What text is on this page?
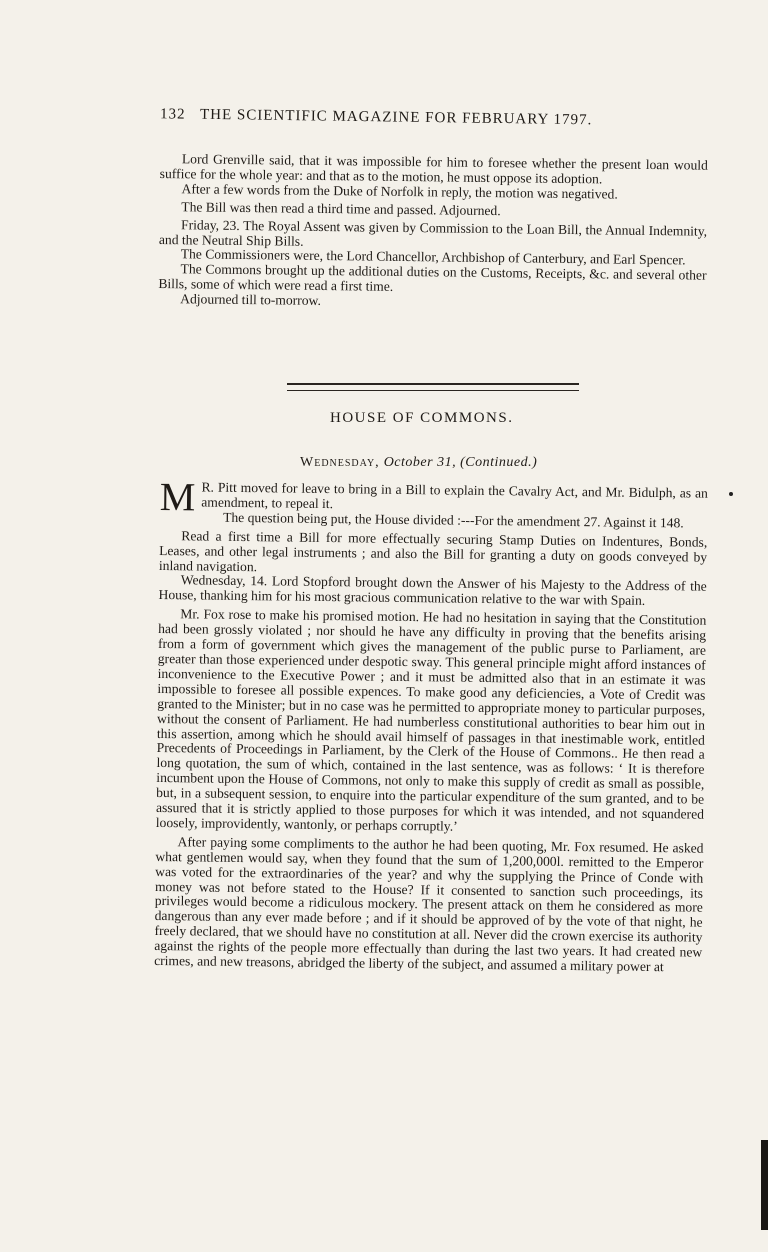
132 THE SCIENTIFIC MAGAZINE FOR FEBRUARY 1797.

Lord Grenville said, that it was impossible for him to foresee whether the present loan would suffice for the whole year: and that as to the motion, he must oppose its adoption.

After a few words from the Duke of Norfolk in reply, the motion was negatived.

The Bill was then read a third time and passed. Adjourned.

Friday, 23. The Royal Assent was given by Commission to the Loan Bill, the Annual Indemnity, and the Neutral Ship Bills.

The Commissioners were, the Lord Chancellor, Archbishop of Canterbury, and Earl Spencer.

The Commons brought up the additional duties on the Customs, Receipts, &c. and several other Bills, some of which were read a first time.

Adjourned till to-morrow.

HOUSE OF COMMONS.
Wednesday, October 31, (Continued.)

M R. Pitt moved for leave to bring in a Bill to explain the Cavalry Act, and Mr. Bidulph, as an amendment, to repeal it.

The question being put, the House divided :---For the amendment 27. Against it 148.

Read a first time a Bill for more effectually securing Stamp Duties on Indentures, Bonds, Leases, and other legal instruments ; and also the Bill for granting a duty on goods conveyed by inland navigation.

Wednesday, 14. Lord Stopford brought down the Answer of his Majesty to the Address of the House, thanking him for his most gracious communication relative to the war with Spain.

Mr. Fox rose to make his promised motion. He had no hesitation in saying that the Constitution had been grossly violated ; nor should he have any difficulty in proving that the benefits arising from a form of government which gives the management of the public purse to Parliament, are greater than those experienced under despotic sway. This general principle might afford instances of inconvenience to the Executive Power ; and it must be admitted also that in an estimate it was impossible to foresee all possible expences. To make good any deficiencies, a Vote of Credit was granted to the Minister; but in no case was he permitted to appropriate money to particular purposes, without the consent of Parliament. He had numberless constitutional authorities to bear him out in this assertion, among which he should avail himself of passages in that inestimable work, entitled Precedents of Proceedings in Parliament, by the Clerk of the House of Commons.. He then read a long quotation, the sum of which, contained in the last sentence, was as follows: ‘ It is therefore incumbent upon the House of Commons, not only to make this supply of credit as small as possible, but, in a subsequent session, to enquire into the particular expenditure of the sum granted, and to be assured that it is strictly applied to those purposes for which it was intended, and not squandered loosely, improvidently, wantonly, or perhaps corruptly.’

After paying some compliments to the author he had been quoting, Mr. Fox resumed. He asked what gentlemen would say, when they found that the sum of 1,200,000l. remitted to the Emperor was voted for the extraordinaries of the year? and why the supplying the Prince of Conde with money was not before stated to the House? If it consented to sanction such proceedings, its privileges would become a ridiculous mockery. The present attack on them he considered as more dangerous than any ever made before ; and if it should be approved of by the vote of that night, he freely declared, that we should have no constitution at all. Never did the crown exercise its authority against the rights of the people more effectually than during the last two years. It had created new crimes, and new treasons, abridged the liberty of the subject, and assumed a military power at
